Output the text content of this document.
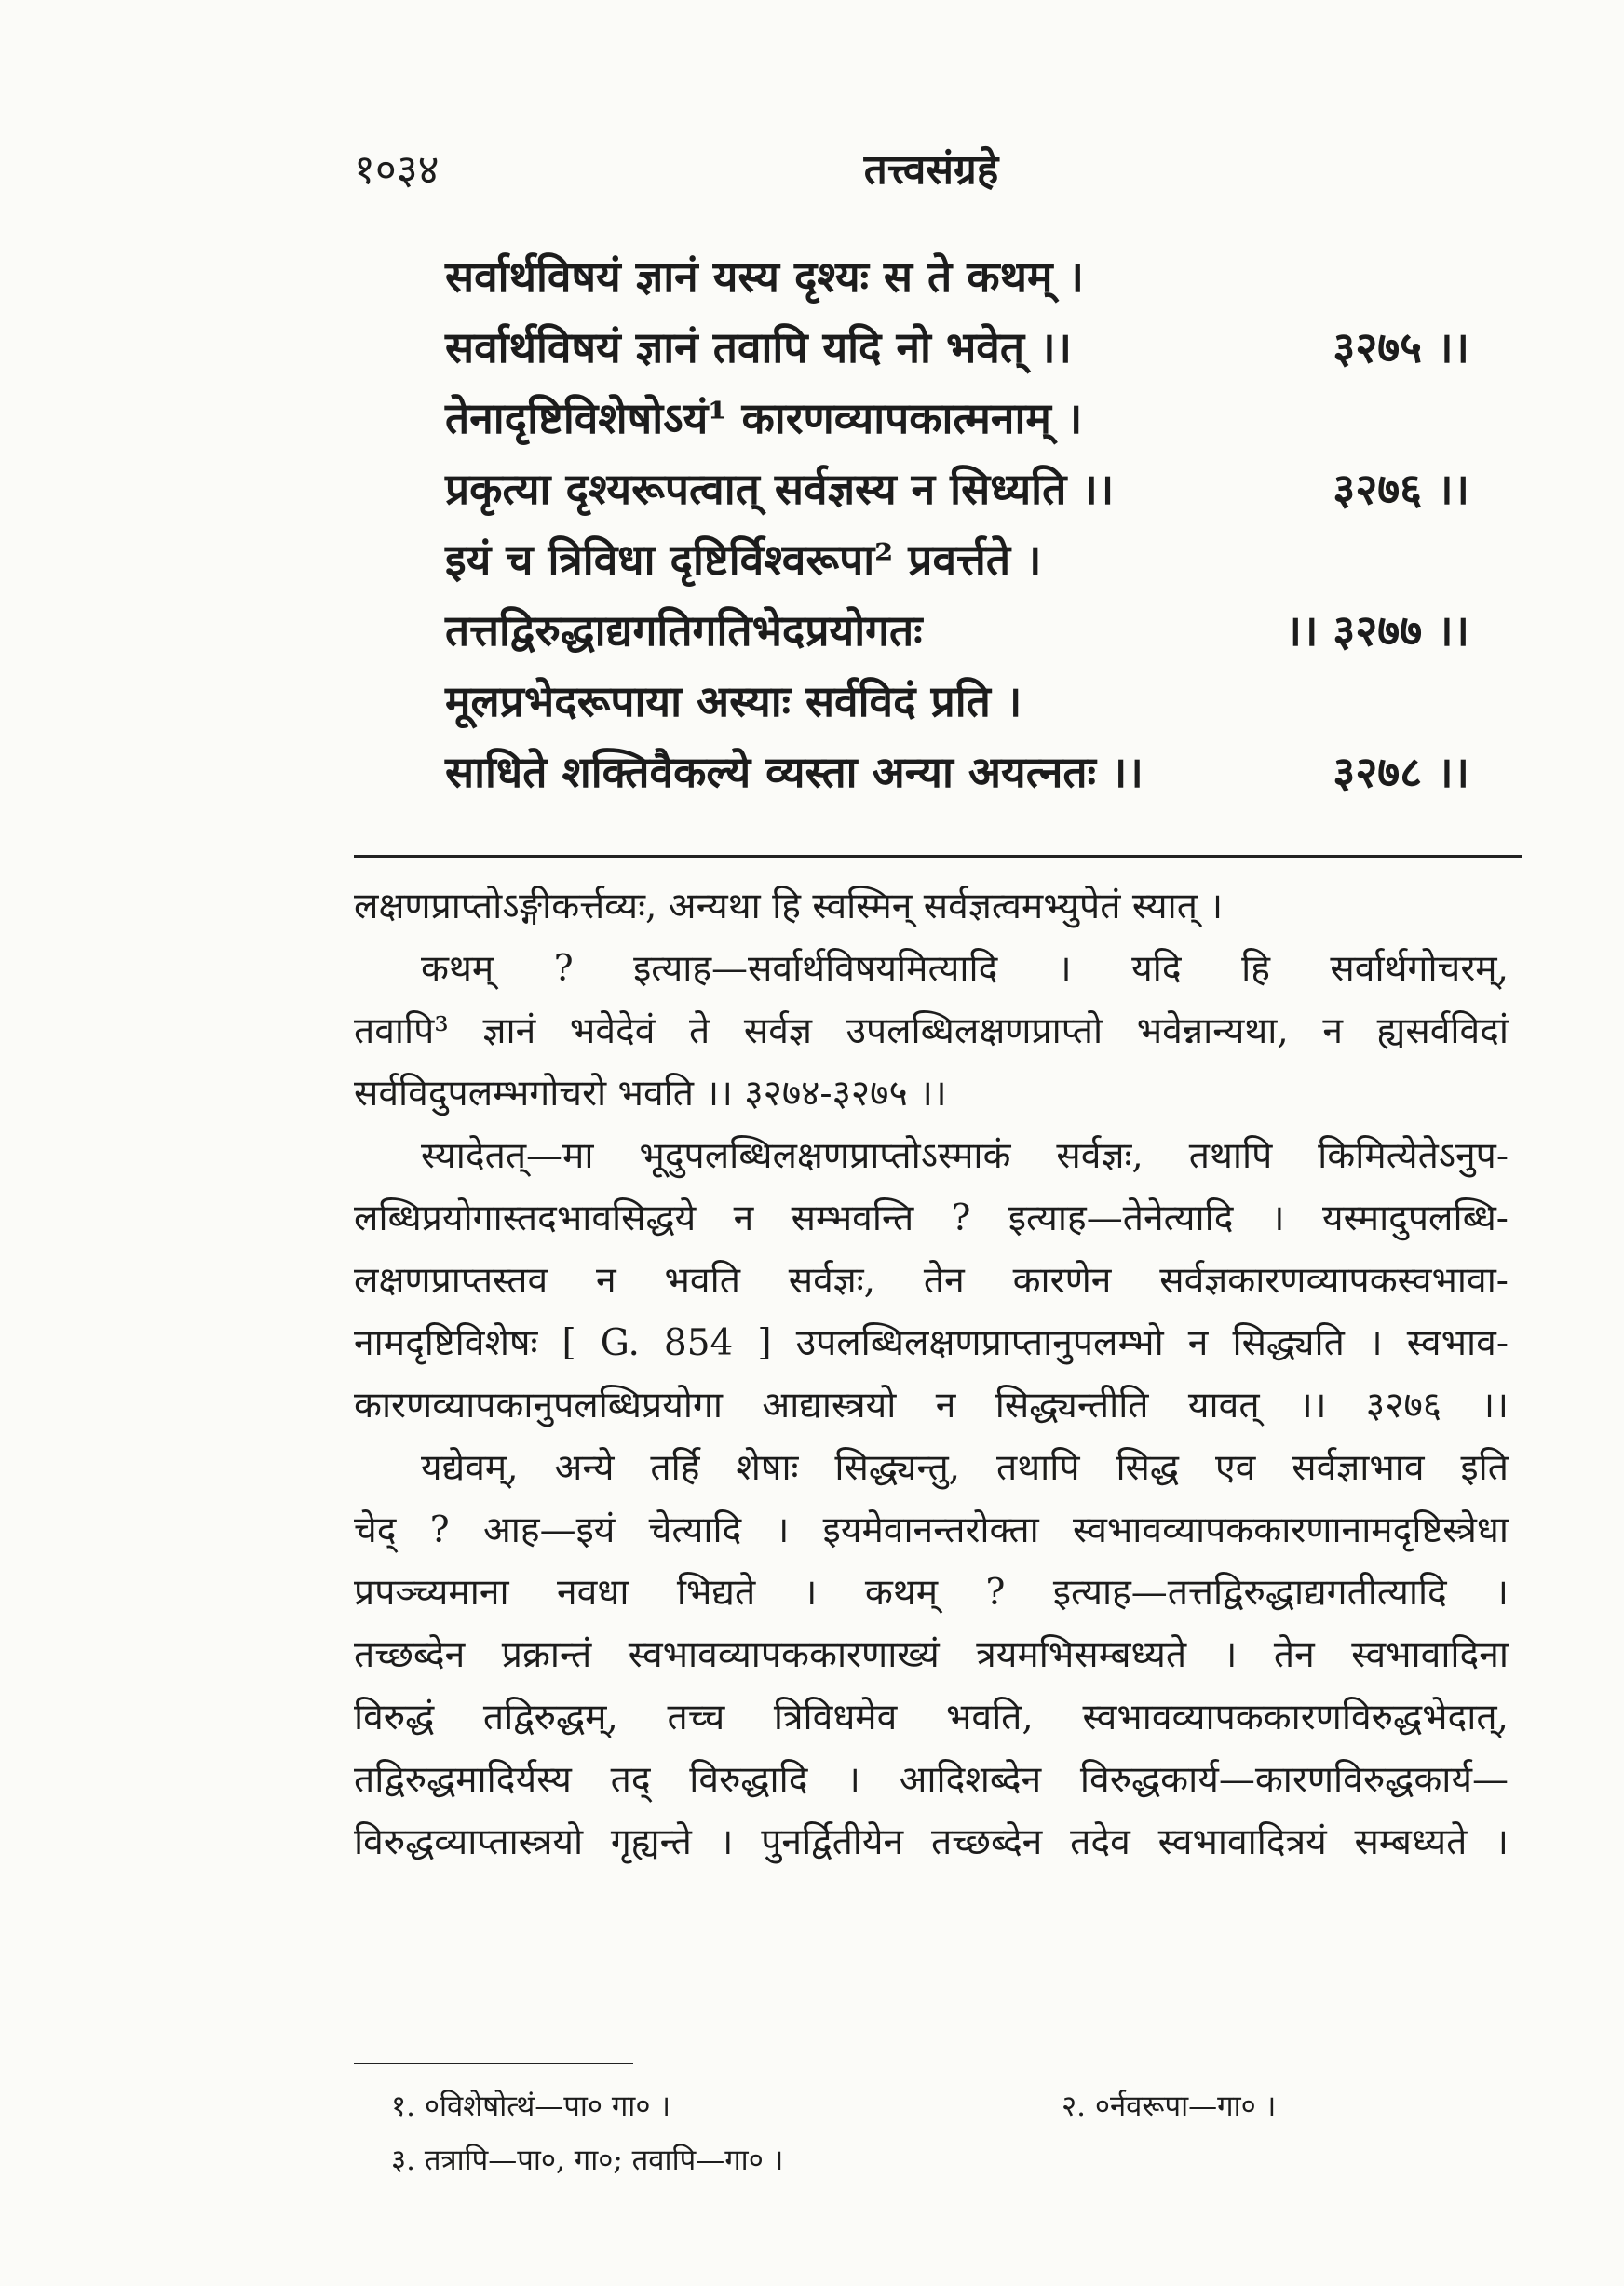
१०३४	तत्त्वसंग्रहे
सर्वार्थविषयं ज्ञानं यस्य दृश्यः स ते कथम् ।
सर्वार्थविषयं ज्ञानं तवापि यदि नो भवेत् ।।	३२७५ ।।
तेनादृष्टिविशेषोऽयं¹ कारणव्यापकात्मनाम् ।
प्रकृत्या दृश्यरूपत्वात् सर्वज्ञस्य न सिध्यति ।।	३२७६ ।।
इयं च त्रिविधा दृष्टिर्विश्वरूपा² प्रवर्त्तते ।
तत्तद्विरुद्धाद्यगतिगतिभेदप्रयोगतः	।। ३२७७ ।।
मूलप्रभेदरूपाया अस्याः सर्वविदं प्रति ।
साधिते शक्तिवैकल्ये व्यस्ता अन्या अयत्नतः ।।	३२७८ ।।
लक्षणप्राप्तोऽङ्गीकर्त्तव्यः, अन्यथा हि स्वस्मिन् सर्वज्ञत्वमभ्युपेतं स्यात् ।
कथम् ? इत्याह—सर्वार्थविषयमित्यादि । यदि हि सर्वार्थगोचरम्,
तवापि³ ज्ञानं भवेदेवं ते सर्वज्ञ उपलब्धिलक्षणप्राप्तो भवेन्नान्यथा, न ह्यसर्वविदां
सर्वविदुपलम्भगोचरो भवति ।। ३२७४-३२७५ ।।
स्यादेतत्—मा भूदुपलब्धिलक्षणप्राप्तोऽस्माकं सर्वज्ञः, तथापि किमित्येतेऽनुप-
लब्धिप्रयोगास्तदभावसिद्धये न सम्भवन्ति ? इत्याह—तेनेत्यादि । यस्मादुपलब्धि-
लक्षणप्राप्तस्तव न भवति सर्वज्ञः, तेन कारणेन सर्वज्ञकारणव्यापकस्वभावा-
नामदृष्टिविशेषः [ G. 854 ] उपलब्धिलक्षणप्राप्तानुपलम्भो न सिद्ध्यति । स्वभाव-
कारणव्यापकानुपलब्धिप्रयोगा आद्यास्त्रयो न सिद्ध्यन्तीति यावत् ।। ३२७६ ।।
यद्येवम्, अन्ये तर्हि शेषाः सिद्ध्यन्तु, तथापि सिद्ध एव सर्वज्ञाभाव इति
चेद् ? आह—इयं चेत्यादि । इयमेवानन्तरोक्ता स्वभावव्यापककारणानामदृष्टिस्त्रेधा
प्रपञ्च्यमाना नवधा भिद्यते । कथम् ? इत्याह—तत्तद्विरुद्धाद्यगतीत्यादि ।
तच्छब्देन प्रक्रान्तं स्वभावव्यापककारणाख्यं त्रयमभिसम्बध्यते । तेन स्वभावादिना
विरुद्धं तद्विरुद्धम्, तच्च त्रिविधमेव भवति, स्वभावव्यापककारणविरुद्धभेदात्,
तद्विरुद्धमादिर्यस्य तद् विरुद्धादि । आदिशब्देन विरुद्धकार्य—कारणविरुद्धकार्य—
विरुद्धव्याप्तास्त्रयो गृह्यन्ते । पुनर्द्वितीयेन तच्छब्देन तदेव स्वभावादित्रयं सम्बध्यते ।
१. ०विशेषोत्थं—पा० गा० ।	२. ०र्नवरूपा—गा० ।
३. तत्रापि—पा०, गा०; तवापि—गा० ।
